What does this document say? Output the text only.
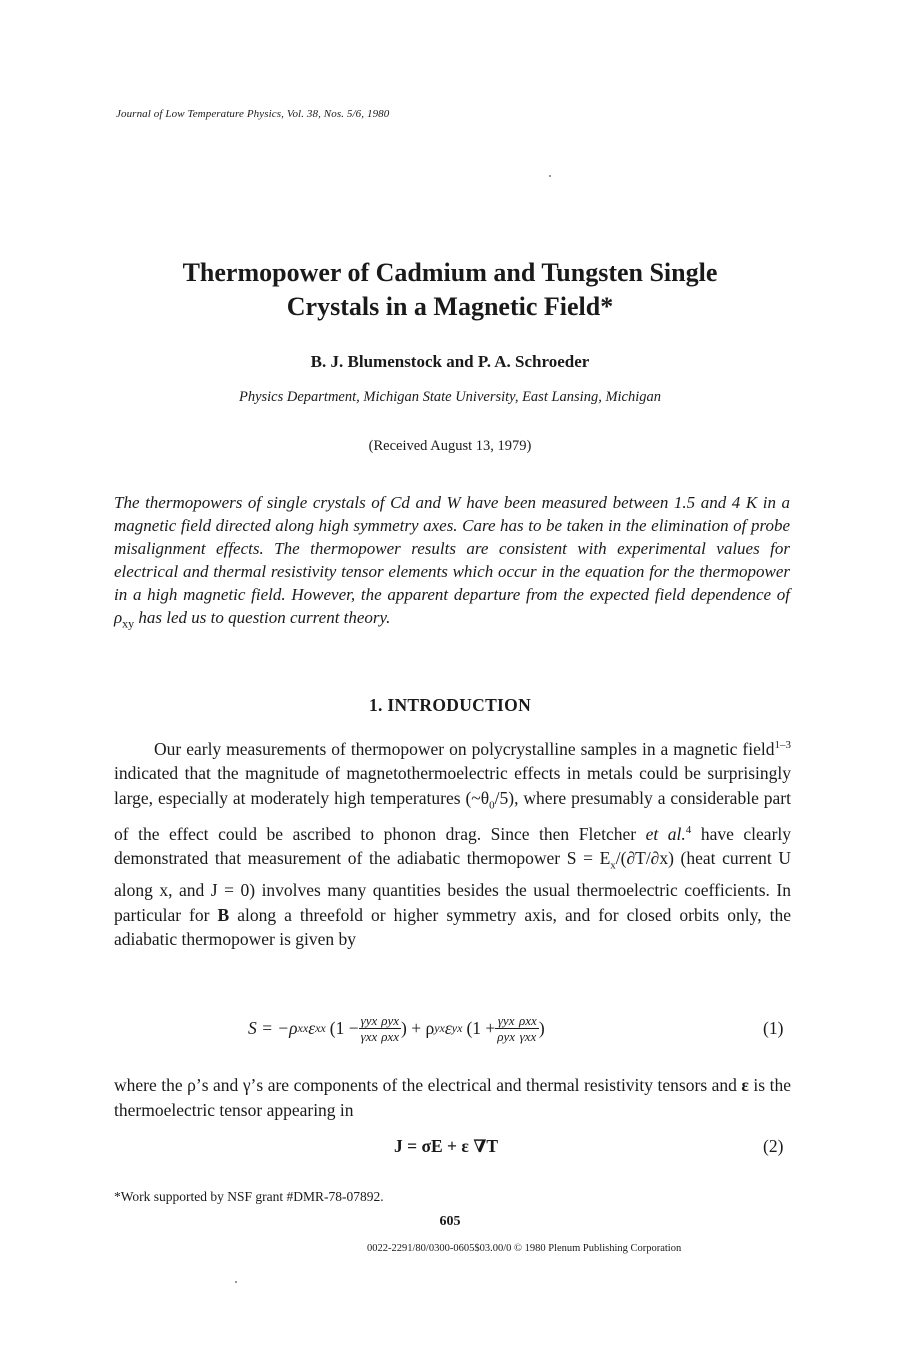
Journal of Low Temperature Physics, Vol. 38, Nos. 5/6, 1980
Thermopower of Cadmium and Tungsten Single
Crystals in a Magnetic Field*
B. J. Blumenstock and P. A. Schroeder
Physics Department, Michigan State University, East Lansing, Michigan
(Received August 13, 1979)
The thermopowers of single crystals of Cd and W have been measured between 1.5 and 4 K in a magnetic field directed along high symmetry axes. Care has to be taken in the elimination of probe misalignment effects. The thermopower results are consistent with experimental values for electrical and thermal resistivity tensor elements which occur in the equation for the thermopower in a high magnetic field. However, the apparent departure from the expected field dependence of $\rho_{xy}$ has led us to question current theory.
1. INTRODUCTION
Our early measurements of thermopower on polycrystalline samples in a magnetic field$^{1-3}$ indicated that the magnitude of magnetothermoelectric effects in metals could be surprisingly large, especially at moderately high temperatures $(\sim\theta_0/5)$, where presumably a considerable part of the effect could be ascribed to phonon drag. Since then Fletcher et al.$^4$ have clearly demonstrated that measurement of the adiabatic thermopower $S = E_x/(\partial T/\partial x)$ (heat current U along x, and J = 0) involves many quantities besides the usual thermoelectric coefficients. In particular for B along a threefold or higher symmetry axis, and for closed orbits only, the adiabatic thermopower is given by
S = −ρ xx ε xx ($1 - \frac{\text{γyx}}{\text{γxx}} \frac{\text{ρyx}}{\text{ρxx}}$ ) + ρ yx ε yx ($1 + \frac{\text{γyx}}{\text{ρyx}} \frac{\text{ρxx}}{\text{γxx}}$ )	(1)
where the ρ’s and γ’s are components of the electrical and thermal resistivity tensors and ε is the thermoelectric tensor appearing in
J = σE + ε ∇T	(2)
*Work supported by NSF grant #DMR-78-07892.
605
0022-2291/80/0300-0605$03.00/0 © 1980 Plenum Publishing Corporation
